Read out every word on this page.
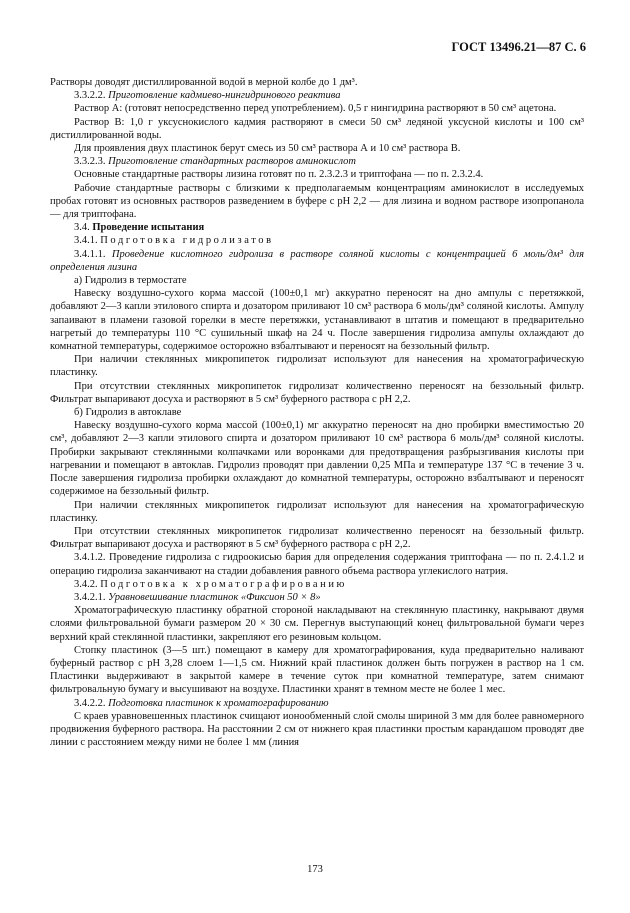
ГОСТ 13496.21—87 С. 6

Растворы доводят дистиллированной водой в мерной колбе до 1 дм³.

3.3.2.2. Приготовление кадмиево-нингидринового реактива

Раствор А: (готовят непосредственно перед употреблением). 0,5 г нингидрина растворяют в 50 см³ ацетона.

Раствор В: 1,0 г уксуснокислого кадмия растворяют в смеси 50 см³ ледяной уксусной кислоты и 100 см³ дистиллированной воды.

Для проявления двух пластинок берут смесь из 50 см³ раствора А и 10 см³ раствора В.

3.3.2.3. Приготовление стандартных растворов аминокислот

Основные стандартные растворы лизина готовят по п. 2.3.2.3 и триптофана — по п. 2.3.2.4.

Рабочие стандартные растворы с близкими к предполагаемым концентрациям аминокислот в исследуемых пробах готовят из основных растворов разведением в буфере с pH 2,2 — для лизина и водном растворе изопропанола — для триптофана.

3.4. Проведение испытания

3.4.1. Подготовка гидролизатов

3.4.1.1. Проведение кислотного гидролиза в растворе соляной кислоты с концентрацией 6 моль/дм³ для определения лизина

а) Гидролиз в термостате

Навеску воздушно-сухого корма массой (100±0,1 мг) аккуратно переносят на дно ампулы с перетяжкой, добавляют 2—3 капли этилового спирта и дозатором приливают 10 см³ раствора 6 моль/дм³ соляной кислоты. Ампулу запаивают в пламени газовой горелки в месте перетяжки, устанавливают в штатив и помещают в предварительно нагретый до температуры 110 °С сушильный шкаф на 24 ч. После завершения гидролиза ампулы охлаждают до комнатной температуры, содержимое осторожно взбалтывают и переносят на беззольный фильтр.

При наличии стеклянных микропипеток гидролизат используют для нанесения на хроматографическую пластинку.

При отсутствии стеклянных микропипеток гидролизат количественно переносят на беззольный фильтр. Фильтрат выпаривают досуха и растворяют в 5 см³ буферного раствора с pH 2,2.

б) Гидролиз в автоклаве

Навеску воздушно-сухого корма массой (100±0,1) мг аккуратно переносят на дно пробирки вместимостью 20 см³, добавляют 2—3 капли этилового спирта и дозатором приливают 10 см³ раствора 6 моль/дм³ соляной кислоты. Пробирки закрывают стеклянными колпачками или воронками для предотвращения разбрызгивания кислоты при нагревании и помещают в автоклав. Гидролиз проводят при давлении 0,25 МПа и температуре 137 °С в течение 3 ч. После завершения гидролиза пробирки охлаждают до комнатной температуры, осторожно взбалтывают и переносят содержимое на беззольный фильтр.

При наличии стеклянных микропипеток гидролизат используют для нанесения на хроматографическую пластинку.

При отсутствии стеклянных микропипеток гидролизат количественно переносят на беззольный фильтр. Фильтрат выпаривают досуха и растворяют в 5 см³ буферного раствора с pH 2,2.

3.4.1.2. Проведение гидролиза с гидроокисью бария для определения содержания триптофана — по п. 2.4.1.2 и операцию гидролиза заканчивают на стадии добавления равного объема раствора углекислого натрия.

3.4.2. Подготовка к хроматографированию

3.4.2.1. Уравновешивание пластинок «Фиксион 50 × 8»

Хроматографическую пластинку обратной стороной накладывают на стеклянную пластинку, накрывают двумя слоями фильтровальной бумаги размером 20 × 30 см. Перегнув выступающий конец фильтровальной бумаги через верхний край стеклянной пластинки, закрепляют его резиновым кольцом.

Стопку пластинок (3—5 шт.) помещают в камеру для хроматографирования, куда предварительно наливают буферный раствор с pH 3,28 слоем 1—1,5 см. Нижний край пластинок должен быть погружен в раствор на 1 см. Пластинки выдерживают в закрытой камере в течение суток при комнатной температуре, затем снимают фильтровальную бумагу и высушивают на воздухе. Пластинки хранят в темном месте не более 1 мес.

3.4.2.2. Подготовка пластинок к хроматографированию

С краев уравновешенных пластинок счищают ионообменный слой смолы шириной 3 мм для более равномерного продвижения буферного раствора. На расстоянии 2 см от нижнего края пластинки простым карандашом проводят две линии с расстоянием между ними не более 1 мм (линия

173
